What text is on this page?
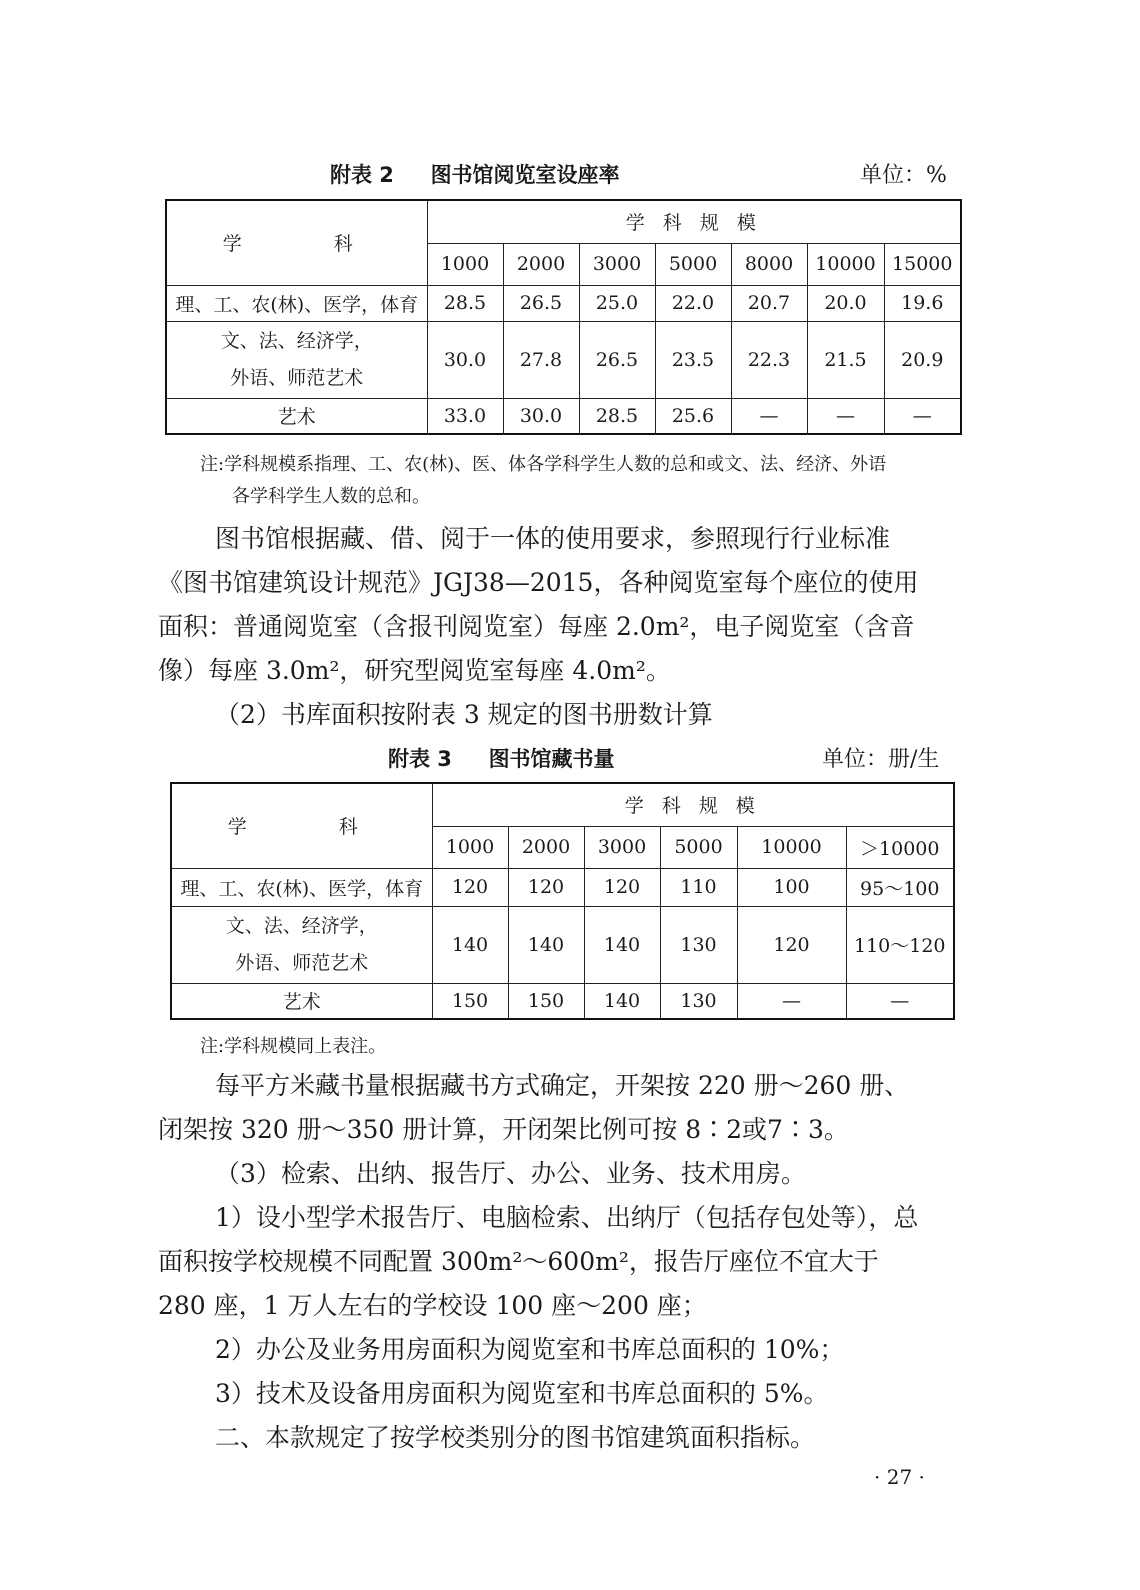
附表 2 图书馆阅览室设座率	单位：%
学　　科	学 科 规 模						
	1000	2000	3000	5000	8000	10000	15000
理、工、农(林)、医学，体育	28.5	26.5	25.0	22.0	20.7	20.0	19.6

文、法、经济学，
外语、师范艺术	30.0	27.8	26.5	23.5	22.3	21.5	20.9
艺术	33.0	30.0	28.5	25.6	—	—	—
注:学科规模系指理、工、农(林)、医、体各学科学生人数的总和或文、法、经济、外语
各学科学生人数的总和。
图书馆根据藏、借、阅于一体的使用要求，参照现行行业标准
《图书馆建筑设计规范》JGJ38—2015，各种阅览室每个座位的使用
面积：普通阅览室（含报刊阅览室）每座 2.0m²，电子阅览室（含音
像）每座 3.0m²，研究型阅览室每座 4.0m²。
（2）书库面积按附表 3 规定的图书册数计算
附表 3 图书馆藏书量	单位：册/生
学　　科	学 科 规 模					
	1000	2000	3000	5000	10000	＞10000
理、工、农(林)、医学，体育	120	120	120	110	100	95～100

文、法、经济学，
外语、师范艺术	140	140	140	130	120	110～120
艺术	150	150	140	130	—	—
注:学科规模同上表注。
每平方米藏书量根据藏书方式确定，开架按 220 册～260 册、
闭架按 320 册～350 册计算，开闭架比例可按 8∶2或7∶3。
（3）检索、出纳、报告厅、办公、业务、技术用房。
1）设小型学术报告厅、电脑检索、出纳厅（包括存包处等），总
面积按学校规模不同配置 300m²～600m²，报告厅座位不宜大于
280 座，1 万人左右的学校设 100 座～200 座；
2）办公及业务用房面积为阅览室和书库总面积的 10%；
3）技术及设备用房面积为阅览室和书库总面积的 5%。
二、本款规定了按学校类别分的图书馆建筑面积指标。
· 27 ·
